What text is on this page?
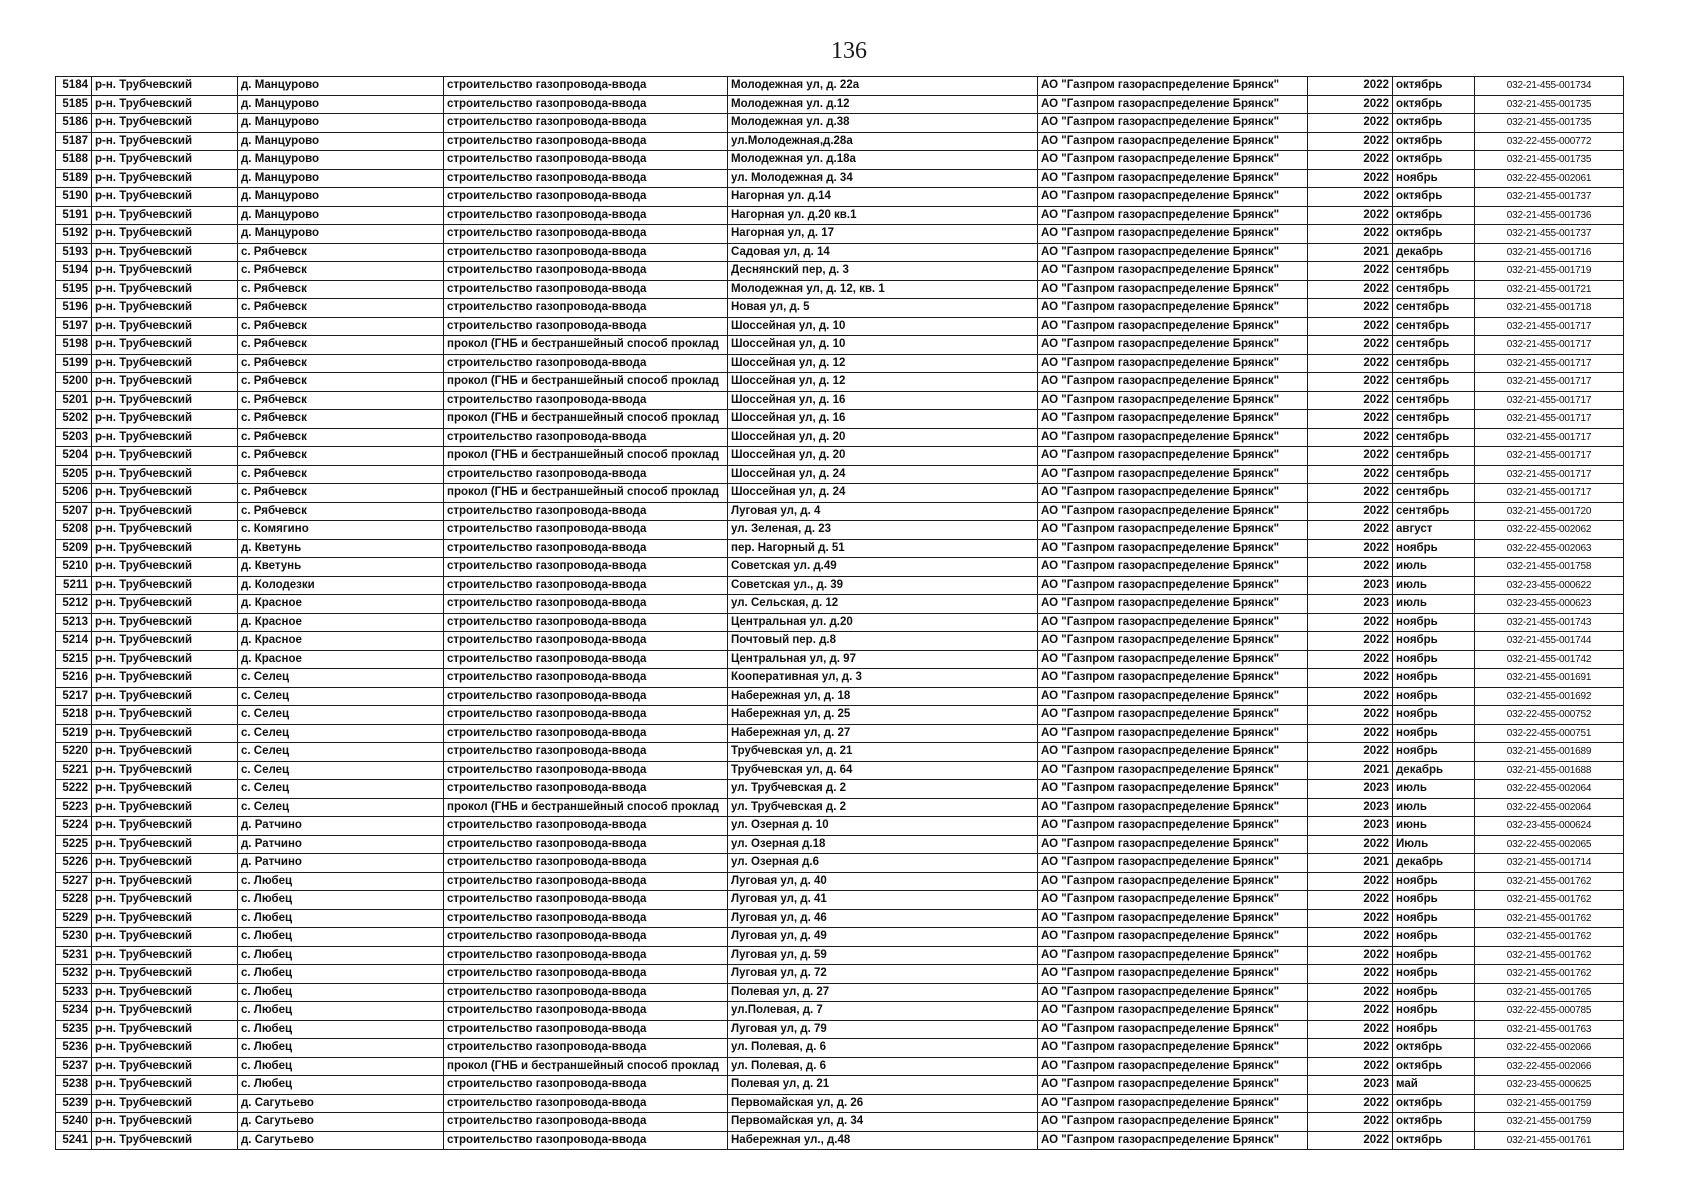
136
5184	р-н. Трубчевский	д. Манцурово	строительство газопровода-ввода	Молодежная ул, д. 22а	АО "Газпром газораспределение Брянск"	2022	октябрь	032-21-455-001734
5185	р-н. Трубчевский	д. Манцурово	строительство газопровода-ввода	Молодежная ул. д.12	АО "Газпром газораспределение Брянск"	2022	октябрь	032-21-455-001735
5186	р-н. Трубчевский	д. Манцурово	строительство газопровода-ввода	Молодежная ул. д.38	АО "Газпром газораспределение Брянск"	2022	октябрь	032-21-455-001735
5187	р-н. Трубчевский	д. Манцурово	строительство газопровода-ввода	ул.Молодежная,д.28а	АО "Газпром газораспределение Брянск"	2022	октябрь	032-22-455-000772
5188	р-н. Трубчевский	д. Манцурово	строительство газопровода-ввода	Молодежная ул. д.18а	АО "Газпром газораспределение Брянск"	2022	октябрь	032-21-455-001735
5189	р-н. Трубчевский	д. Манцурово	строительство газопровода-ввода	ул. Молодежная д. 34	АО "Газпром газораспределение Брянск"	2022	ноябрь	032-22-455-002061
5190	р-н. Трубчевский	д. Манцурово	строительство газопровода-ввода	Нагорная ул. д.14	АО "Газпром газораспределение Брянск"	2022	октябрь	032-21-455-001737
5191	р-н. Трубчевский	д. Манцурово	строительство газопровода-ввода	Нагорная ул. д.20 кв.1	АО "Газпром газораспределение Брянск"	2022	октябрь	032-21-455-001736
5192	р-н. Трубчевский	д. Манцурово	строительство газопровода-ввода	Нагорная ул, д. 17	АО "Газпром газораспределение Брянск"	2022	октябрь	032-21-455-001737
5193	р-н. Трубчевский	с. Рябчевск	строительство газопровода-ввода	Садовая ул, д. 14	АО "Газпром газораспределение Брянск"	2021	декабрь	032-21-455-001716
5194	р-н. Трубчевский	с. Рябчевск	строительство газопровода-ввода	Деснянский пер, д. 3	АО "Газпром газораспределение Брянск"	2022	сентябрь	032-21-455-001719
5195	р-н. Трубчевский	с. Рябчевск	строительство газопровода-ввода	Молодежная ул, д. 12, кв. 1	АО "Газпром газораспределение Брянск"	2022	сентябрь	032-21-455-001721
5196	р-н. Трубчевский	с. Рябчевск	строительство газопровода-ввода	Новая ул, д. 5	АО "Газпром газораспределение Брянск"	2022	сентябрь	032-21-455-001718
5197	р-н. Трубчевский	с. Рябчевск	строительство газопровода-ввода	Шоссейная ул, д. 10	АО "Газпром газораспределение Брянск"	2022	сентябрь	032-21-455-001717
5198	р-н. Трубчевский	с. Рябчевск	прокол (ГНБ и бестраншейный способ проклад	Шоссейная ул, д. 10	АО "Газпром газораспределение Брянск"	2022	сентябрь	032-21-455-001717
5199	р-н. Трубчевский	с. Рябчевск	строительство газопровода-ввода	Шоссейная ул, д. 12	АО "Газпром газораспределение Брянск"	2022	сентябрь	032-21-455-001717
5200	р-н. Трубчевский	с. Рябчевск	прокол (ГНБ и бестраншейный способ проклад	Шоссейная ул, д. 12	АО "Газпром газораспределение Брянск"	2022	сентябрь	032-21-455-001717
5201	р-н. Трубчевский	с. Рябчевск	строительство газопровода-ввода	Шоссейная ул, д. 16	АО "Газпром газораспределение Брянск"	2022	сентябрь	032-21-455-001717
5202	р-н. Трубчевский	с. Рябчевск	прокол (ГНБ и бестраншейный способ проклад	Шоссейная ул, д. 16	АО "Газпром газораспределение Брянск"	2022	сентябрь	032-21-455-001717
5203	р-н. Трубчевский	с. Рябчевск	строительство газопровода-ввода	Шоссейная ул, д. 20	АО "Газпром газораспределение Брянск"	2022	сентябрь	032-21-455-001717
5204	р-н. Трубчевский	с. Рябчевск	прокол (ГНБ и бестраншейный способ проклад	Шоссейная ул, д. 20	АО "Газпром газораспределение Брянск"	2022	сентябрь	032-21-455-001717
5205	р-н. Трубчевский	с. Рябчевск	строительство газопровода-ввода	Шоссейная ул, д. 24	АО "Газпром газораспределение Брянск"	2022	сентябрь	032-21-455-001717
5206	р-н. Трубчевский	с. Рябчевск	прокол (ГНБ и бестраншейный способ проклад	Шоссейная ул, д. 24	АО "Газпром газораспределение Брянск"	2022	сентябрь	032-21-455-001717
5207	р-н. Трубчевский	с. Рябчевск	строительство газопровода-ввода	Луговая ул, д. 4	АО "Газпром газораспределение Брянск"	2022	сентябрь	032-21-455-001720
5208	р-н. Трубчевский	с. Комягино	строительство газопровода-ввода	ул. Зеленая, д. 23	АО "Газпром газораспределение Брянск"	2022	август	032-22-455-002062
5209	р-н. Трубчевский	д. Кветунь	строительство газопровода-ввода	пер. Нагорный д. 51	АО "Газпром газораспределение Брянск"	2022	ноябрь	032-22-455-002063
5210	р-н. Трубчевский	д. Кветунь	строительство газопровода-ввода	Советская ул. д.49	АО "Газпром газораспределение Брянск"	2022	июль	032-21-455-001758
5211	р-н. Трубчевский	д. Колодезки	строительство газопровода-ввода	Советская ул., д. 39	АО "Газпром газораспределение Брянск"	2023	июль	032-23-455-000622
5212	р-н. Трубчевский	д. Красное	строительство газопровода-ввода	ул. Сельская, д. 12	АО "Газпром газораспределение Брянск"	2023	июль	032-23-455-000623
5213	р-н. Трубчевский	д. Красное	строительство газопровода-ввода	Центральная ул. д.20	АО "Газпром газораспределение Брянск"	2022	ноябрь	032-21-455-001743
5214	р-н. Трубчевский	д. Красное	строительство газопровода-ввода	Почтовый пер. д.8	АО "Газпром газораспределение Брянск"	2022	ноябрь	032-21-455-001744
5215	р-н. Трубчевский	д. Красное	строительство газопровода-ввода	Центральная ул, д. 97	АО "Газпром газораспределение Брянск"	2022	ноябрь	032-21-455-001742
5216	р-н. Трубчевский	с. Селец	строительство газопровода-ввода	Кооперативная ул, д. 3	АО "Газпром газораспределение Брянск"	2022	ноябрь	032-21-455-001691
5217	р-н. Трубчевский	с. Селец	строительство газопровода-ввода	Набережная ул, д. 18	АО "Газпром газораспределение Брянск"	2022	ноябрь	032-21-455-001692
5218	р-н. Трубчевский	с. Селец	строительство газопровода-ввода	Набережная ул, д. 25	АО "Газпром газораспределение Брянск"	2022	ноябрь	032-22-455-000752
5219	р-н. Трубчевский	с. Селец	строительство газопровода-ввода	Набережная ул, д. 27	АО "Газпром газораспределение Брянск"	2022	ноябрь	032-22-455-000751
5220	р-н. Трубчевский	с. Селец	строительство газопровода-ввода	Трубчевская ул, д. 21	АО "Газпром газораспределение Брянск"	2022	ноябрь	032-21-455-001689
5221	р-н. Трубчевский	с. Селец	строительство газопровода-ввода	Трубчевская ул, д. 64	АО "Газпром газораспределение Брянск"	2021	декабрь	032-21-455-001688
5222	р-н. Трубчевский	с. Селец	строительство газопровода-ввода	ул. Трубчевская д. 2	АО "Газпром газораспределение Брянск"	2023	июль	032-22-455-002064
5223	р-н. Трубчевский	с. Селец	прокол (ГНБ и бестраншейный способ проклад	ул. Трубчевская д. 2	АО "Газпром газораспределение Брянск"	2023	июль	032-22-455-002064
5224	р-н. Трубчевский	д. Ратчино	строительство газопровода-ввода	ул. Озерная д. 10	АО "Газпром газораспределение Брянск"	2023	июнь	032-23-455-000624
5225	р-н. Трубчевский	д. Ратчино	строительство газопровода-ввода	ул. Озерная д.18	АО "Газпром газораспределение Брянск"	2022	Июль	032-22-455-002065
5226	р-н. Трубчевский	д. Ратчино	строительство газопровода-ввода	ул. Озерная д.6	АО "Газпром газораспределение Брянск"	2021	декабрь	032-21-455-001714
5227	р-н. Трубчевский	с. Любец	строительство газопровода-ввода	Луговая ул, д. 40	АО "Газпром газораспределение Брянск"	2022	ноябрь	032-21-455-001762
5228	р-н. Трубчевский	с. Любец	строительство газопровода-ввода	Луговая ул, д. 41	АО "Газпром газораспределение Брянск"	2022	ноябрь	032-21-455-001762
5229	р-н. Трубчевский	с. Любец	строительство газопровода-ввода	Луговая ул, д. 46	АО "Газпром газораспределение Брянск"	2022	ноябрь	032-21-455-001762
5230	р-н. Трубчевский	с. Любец	строительство газопровода-ввода	Луговая ул, д. 49	АО "Газпром газораспределение Брянск"	2022	ноябрь	032-21-455-001762
5231	р-н. Трубчевский	с. Любец	строительство газопровода-ввода	Луговая ул, д. 59	АО "Газпром газораспределение Брянск"	2022	ноябрь	032-21-455-001762
5232	р-н. Трубчевский	с. Любец	строительство газопровода-ввода	Луговая ул, д. 72	АО "Газпром газораспределение Брянск"	2022	ноябрь	032-21-455-001762
5233	р-н. Трубчевский	с. Любец	строительство газопровода-ввода	Полевая ул, д. 27	АО "Газпром газораспределение Брянск"	2022	ноябрь	032-21-455-001765
5234	р-н. Трубчевский	с. Любец	строительство газопровода-ввода	ул.Полевая, д. 7	АО "Газпром газораспределение Брянск"	2022	ноябрь	032-22-455-000785
5235	р-н. Трубчевский	с. Любец	строительство газопровода-ввода	Луговая ул, д. 79	АО "Газпром газораспределение Брянск"	2022	ноябрь	032-21-455-001763
5236	р-н. Трубчевский	с. Любец	строительство газопровода-ввода	ул. Полевая, д. 6	АО "Газпром газораспределение Брянск"	2022	октябрь	032-22-455-002066
5237	р-н. Трубчевский	с. Любец	прокол (ГНБ и бестраншейный способ проклад	ул. Полевая, д. 6	АО "Газпром газораспределение Брянск"	2022	октябрь	032-22-455-002066
5238	р-н. Трубчевский	с. Любец	строительство газопровода-ввода	Полевая ул, д. 21	АО "Газпром газораспределение Брянск"	2023	май	032-23-455-000625
5239	р-н. Трубчевский	д. Сагутьево	строительство газопровода-ввода	Первомайская ул, д. 26	АО "Газпром газораспределение Брянск"	2022	октябрь	032-21-455-001759
5240	р-н. Трубчевский	д. Сагутьево	строительство газопровода-ввода	Первомайская ул, д. 34	АО "Газпром газораспределение Брянск"	2022	октябрь	032-21-455-001759
5241	р-н. Трубчевский	д. Сагутьево	строительство газопровода-ввода	Набережная ул., д.48	АО "Газпром газораспределение Брянск"	2022	октябрь	032-21-455-001761
